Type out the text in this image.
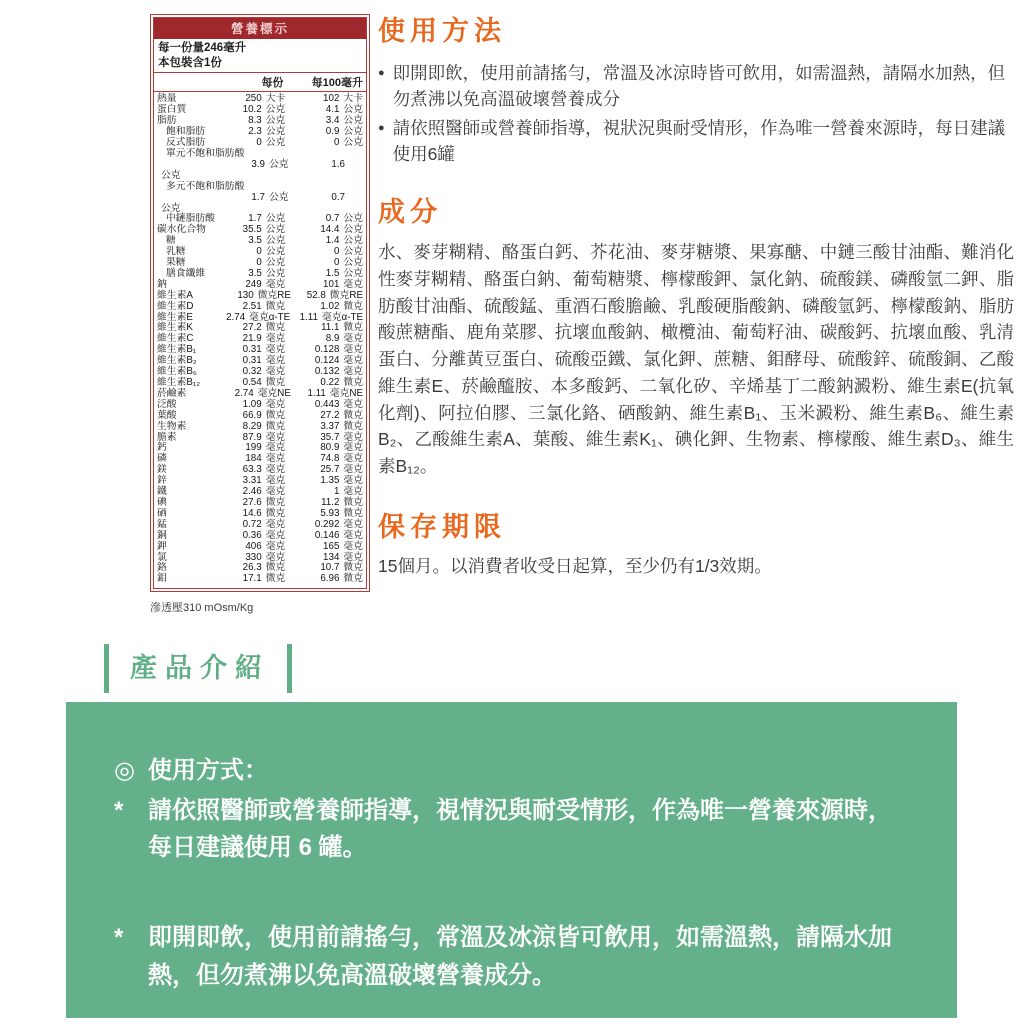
營養標示
每一份量246毫升
本包裝含1份
每份	每100毫升
熱量	250 大卡	102 大卡
蛋白質	10.2 公克	4.1 公克
脂肪	8.3 公克	3.4 公克
飽和脂肪	2.3 公克	0.9 公克
反式脂肪	0 公克	0 公克
單元不飽和脂肪酸
3.9 公克	1.6
公克
多元不飽和脂肪酸
1.7 公克	0.7
公克
中鏈脂肪酸	1.7 公克	0.7 公克
碳水化合物	35.5 公克	14.4 公克
糖	3.5 公克	1.4 公克
乳糖	0 公克	0 公克
果糖	0 公克	0 公克
膳食纖維	3.5 公克	1.5 公克
鈉	249 毫克	101 毫克
維生素A	130 微克RE	52.8 微克RE
維生素D	2.51 微克	1.02 微克
維生素E	2.74 毫克α-TE 1.11 毫克α-TE
維生素K	27.2 微克	11.1 微克
維生素C	21.9 毫克	8.9 毫克
維生素B₁	0.31 毫克	0.128 毫克
維生素B₂	0.31 毫克	0.124 毫克
維生素B₆	0.32 毫克	0.132 毫克
維生素B₁₂	0.54 微克	0.22 微克
菸鹼素	2.74 毫克NE	1.11 毫克NE
泛酸	1.09 毫克	0.443 毫克
葉酸	66.9 微克	27.2 微克
生物素	8.29 微克	3.37 微克
膽素	87.9 毫克	35.7 毫克
鈣	199 毫克	80.9 毫克
磷	184 毫克	74.8 毫克
鎂	63.3 毫克	25.7 毫克
鋅	3.31 毫克	1.35 毫克
鐵	2.46 毫克	1 毫克
碘	27.6 微克	11.2 微克
硒	14.6 微克	5.93 微克
錳	0.72 毫克	0.292 毫克
銅	0.36 毫克	0.146 毫克
鉀	406 毫克	165 毫克
氯	330 毫克	134 毫克
鉻	26.3 微克	10.7 微克
鉬	17.1 微克	6.96 微克
滲透壓310 mOsm/Kg
使用方法
● 即開即飲，使用前請搖勻，常溫及冰涼時皆可飲用，如需溫熱，請隔水加熱，但勿煮沸以免高溫破壞營養成分
● 請依照醫師或營養師指導，視狀況與耐受情形，作為唯一營養來源時，每日建議使用6罐
成分

水、麥芽糊精、酪蛋白鈣、芥花油、麥芽糖漿、果寡醣、中鏈三酸甘油酯、難消化性麥芽糊精、酪蛋白鈉、葡萄糖漿、檸檬酸鉀、氯化鈉、硫酸鎂、磷酸氫二鉀、脂肪酸甘油酯、硫酸錳、重酒石酸膽鹼、乳酸硬脂酸鈉、磷酸氫鈣、檸檬酸鈉、脂肪酸蔗糖酯、鹿角菜膠、抗壞血酸鈉、橄欖油、葡萄籽油、碳酸鈣、抗壞血酸、乳清蛋白、分離黃豆蛋白、硫酸亞鐵、氯化鉀、蔗糖、鉬酵母、硫酸鋅、硫酸銅、乙酸維生素E、菸鹼醯胺、本多酸鈣、二氧化矽、辛烯基丁二酸鈉澱粉、維生素E(抗氧化劑)、阿拉伯膠、三氯化鉻、硒酸鈉、維生素B₁、玉米澱粉、維生素B₆、維生素B₂、乙酸維生素A、葉酸、維生素K₁、碘化鉀、生物素、檸檬酸、維生素D₃、維生素B₁₂。

保存期限

15個月。以消費者收受日起算，至少仍有1/3效期。

產品介紹
◎ 使用方式：
* 請依照醫師或營養師指導，視情況與耐受情形，作為唯一營養來源時，每日建議使用 6 罐。
* 即開即飲，使用前請搖勻，常溫及冰涼皆可飲用，如需溫熱，請隔水加熱，但勿煮沸以免高溫破壞營養成分。
